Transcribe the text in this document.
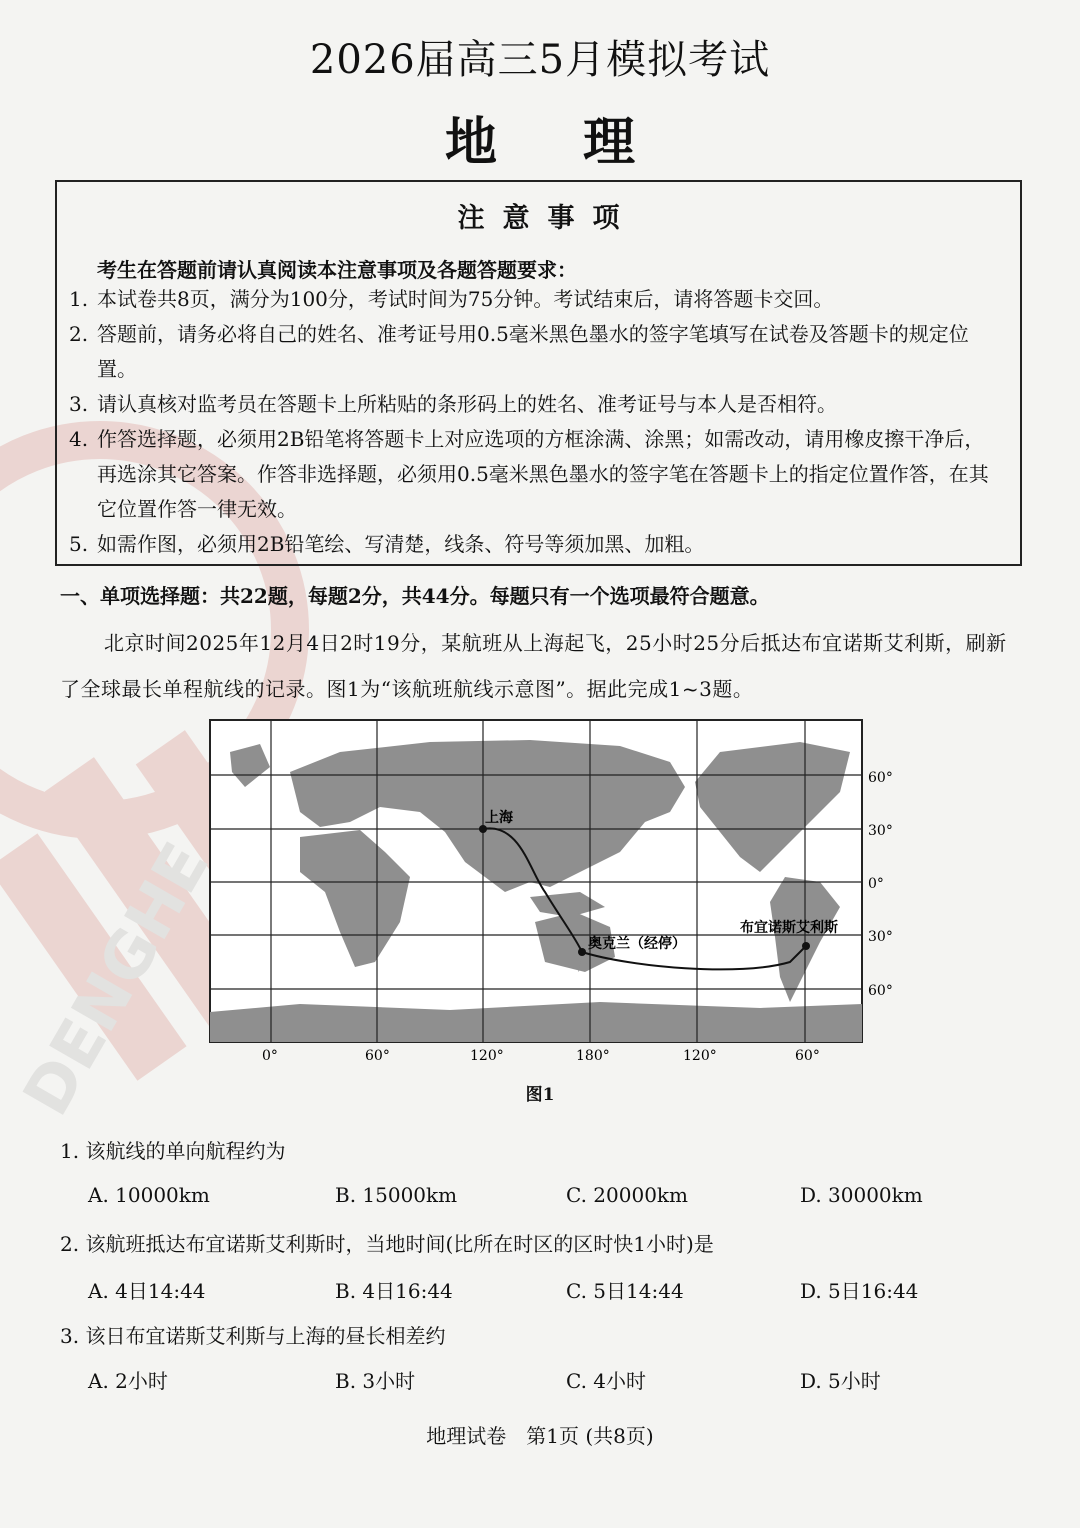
DENGHE
2026届高三5月模拟考试
地理
注意事项
考生在答题前请认真阅读本注意事项及各题答题要求：
1. 本试卷共8页，满分为100分，考试时间为75分钟。考试结束后，请将答题卡交回。
2. 答题前，请务必将自己的姓名、准考证号用0.5毫米黑色墨水的签字笔填写在试卷及答题卡的规定位置。
3. 请认真核对监考员在答题卡上所粘贴的条形码上的姓名、准考证号与本人是否相符。
4. 作答选择题，必须用2B铅笔将答题卡上对应选项的方框涂满、涂黑；如需改动，请用橡皮擦干净后，再选涂其它答案。作答非选择题，必须用0.5毫米黑色墨水的签字笔在答题卡上的指定位置作答，在其它位置作答一律无效。
5. 如需作图，必须用2B铅笔绘、写清楚，线条、符号等须加黑、加粗。
一、单项选择题：共22题，每题2分，共44分。每题只有一个选项最符合题意。
北京时间2025年12月4日2时19分，某航班从上海起飞，25小时25分后抵达布宜诺斯艾利斯，刷新了全球最长单程航线的记录。图1为“该航班航线示意图”。据此完成1~3题。
上海
奥克兰（经停）
布宜诺斯艾利斯
60°
30°
0°
30°
60°
0°	60°	120°	180°	120°	60°
图1
1. 该航线的单向航程约为
A. 10000km	B. 15000km	C. 20000km	D. 30000km
2. 该航班抵达布宜诺斯艾利斯时，当地时间(比所在时区的区时快1小时)是
A. 4日14:44	B. 4日16:44	C. 5日14:44	D. 5日16:44
3. 该日布宜诺斯艾利斯与上海的昼长相差约
A. 2小时	B. 3小时	C. 4小时	D. 5小时
地理试卷　第1页 (共8页)
